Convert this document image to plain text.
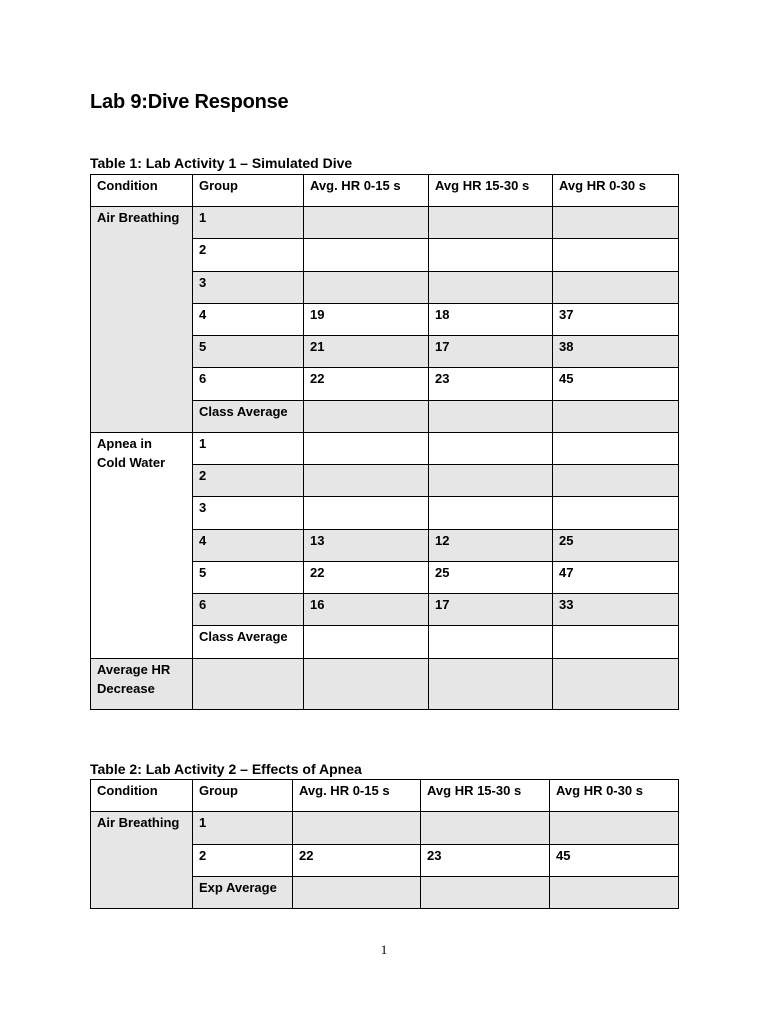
Lab 9:Dive Response
Table 1: Lab Activity 1 – Simulated Dive
Condition	Group	Avg. HR 0-15 s	Avg HR 15-30 s	Avg HR 0-30 s
Air Breathing	1			
	2			
	3			
	4	19	18	37
	5	21	17	38
	6	22	23	45
	Class Average			
Apnea in
Cold Water	1			
	2			
	3			
	4	13	12	25
	5	22	25	47
	6	16	17	33
	Class Average			
Average HR
Decrease				
Table 2: Lab Activity 2 – Effects of Apnea
Condition	Group	Avg. HR 0-15 s	Avg HR 15-30 s	Avg HR 0-30 s
Air Breathing	1			
	2	22	23	45
	Exp Average			
1
